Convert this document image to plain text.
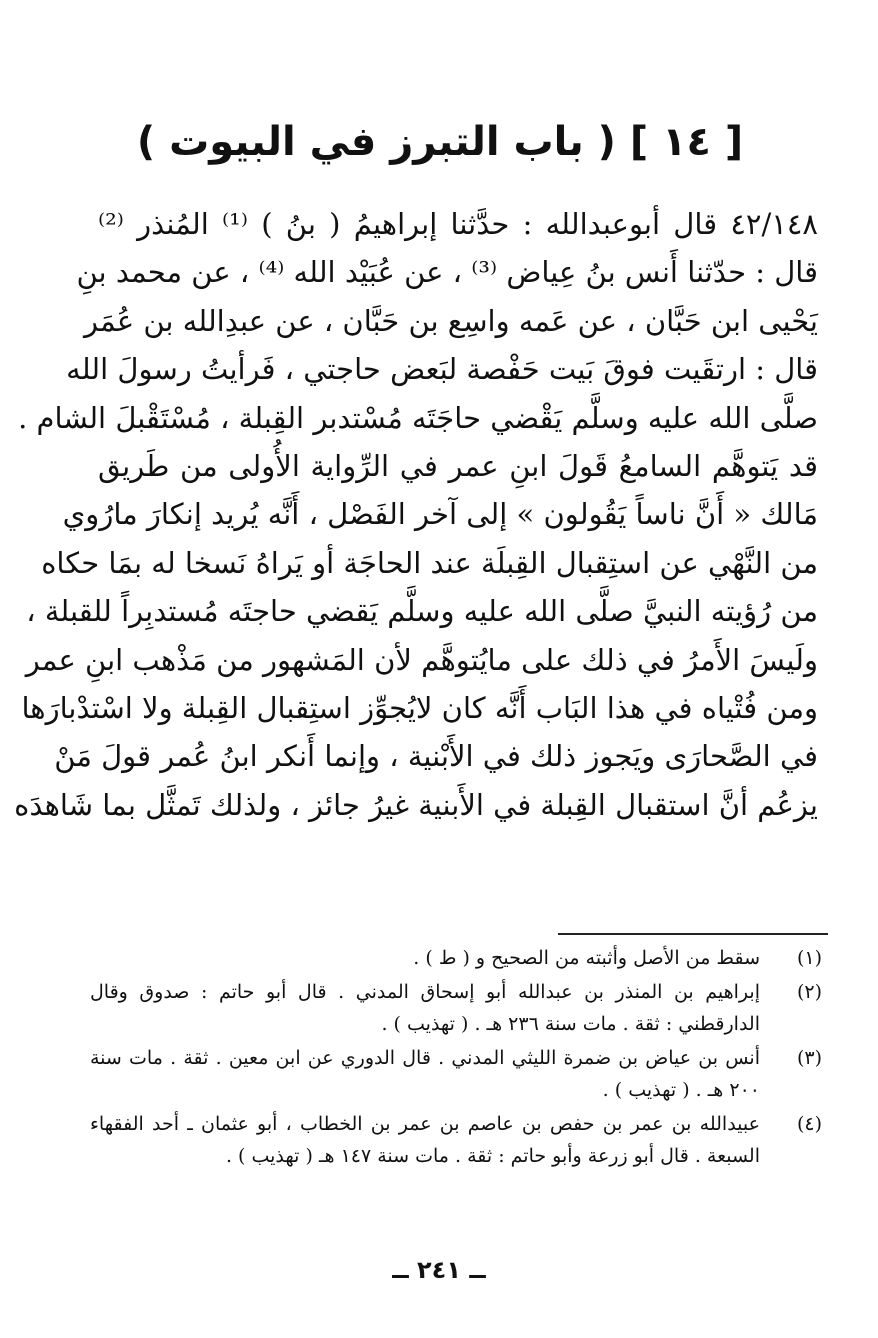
[ ١٤ ] ( باب التبرز في البيوت )
٤٢/١٤٨ قال أبوعبدالله : حدَّثنا إبراهيمُ ( بنُ ) ⁽¹⁾ المُنذر ⁽²⁾
قال : حدّثنا أَنس بنُ عِياض ⁽³⁾ ، عن عُبَيْد الله ⁽⁴⁾ ، عن محمد بنِ
يَحْيى ابن حَبَّان ، عن عَمه واسِع بن حَبَّان ، عن عبدِالله بن عُمَر
قال : ارتقَيت فوقَ بَيت حَفْصة لبَعض حاجتي ، فَرأيتُ رسولَ الله
صلَّى الله عليه وسلَّم يَقْضي حاجَتَه مُسْتدبر القِبلة ، مُسْتَقْبلَ الشام .
قد يَتوهَّم السامعُ قَولَ ابنِ عمر في الرِّواية الأُولى من طَريق
مَالك « أَنَّ ناساً يَقُولون » إلى آخر الفَصْل ، أَنَّه يُريد إنكارَ مارُوي
من النَّهْي عن استِقبال القِبلَة عند الحاجَة أو يَراهُ نَسخا له بمَا حكاه
من رُؤيته النبيَّ صلَّى الله عليه وسلَّم يَقضي حاجتَه مُستدبِراً للقبلة ،
ولَيسَ الأَمرُ في ذلك على مايُتوهَّم لأن المَشهور من مَذْهب ابنِ عمر
ومن فُتْياه في هذا البَاب أَنَّه كان لايُجوِّز استِقبال القِبلة ولا اسْتدْبارَها
في الصَّحارَى ويَجوز ذلك في الأَبْنية ، وإنما أَنكر ابنُ عُمر قولَ مَنْ
يزعُم أنَّ استقبال القِبلة في الأَبنية غيرُ جائز ، ولذلك تَمثَّل بما شَاهدَه
(١)
سقط من الأصل وأثبته من الصحيح و ( ط ) .
(٢)
إبراهيم بن المنذر بن عبدالله أبو إسحاق المدني . قال أبو حاتم : صدوق وقال
الدارقطني : ثقة . مات سنة ٢٣٦ هـ . ( تهذيب ) .
(٣)
أنس بن عياض بن ضمرة الليثي المدني . قال الدوري عن ابن معين . ثقة . مات سنة
٢٠٠ هـ . ( تهذيب ) .
(٤)
عبيدالله بن عمر بن حفص بن عاصم بن عمر بن الخطاب ، أبو عثمان ـ أحد الفقهاء
السبعة . قال أبو زرعة وأبو حاتم : ثقة . مات سنة ١٤٧ هـ ( تهذيب ) .
ــ ٢٤١ ــ
